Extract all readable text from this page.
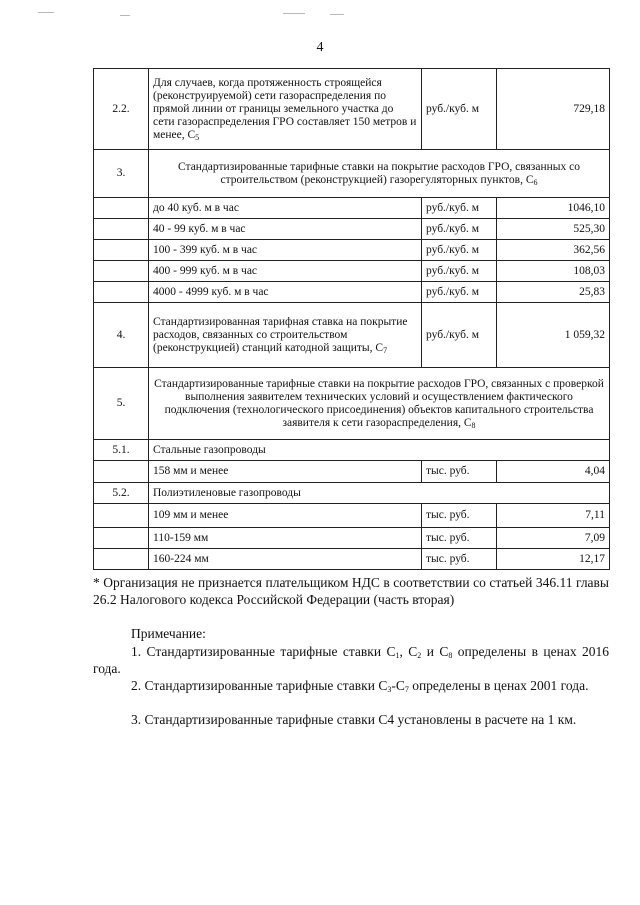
4
2.2.	Для случаев, когда протяженность строящейся (реконструируемой) сети газораспределения по прямой линии от границы земельного участка до сети газораспределения ГРО составляет 150 метров и менее, $C_5$	руб./куб. м	729,18
3.	Стандартизированные тарифные ставки на покрытие расходов ГРО, связанных со строительством (реконструкцией) газорегуляторных пунктов, $C_6$
	до 40 куб. м в час	руб./куб. м	1046,10
	40 - 99 куб. м в час	руб./куб. м	525,30
	100 - 399 куб. м в час	руб./куб. м	362,56
	400 - 999 куб. м в час	руб./куб. м	108,03
	4000 - 4999 куб. м в час	руб./куб. м	25,83
4.	Стандартизированная тарифная ставка на покрытие расходов, связанных со строительством (реконструкцией) станций катодной защиты, $C_7$	руб./куб. м	1 059,32
5.	Стандартизированные тарифные ставки на покрытие расходов ГРО, связанных с проверкой выполнения заявителем технических условий и осуществлением фактического подключения (технологического присоединения) объектов капитального строительства заявителя к сети газораспределения, $C_8$
5.1.	Стальные газопроводы		
	158 мм и менее	тыс. руб.	4,04
5.2.	Полиэтиленовые газопроводы		
	109 мм и менее	тыс. руб.	7,11
	110-159 мм	тыс. руб.	7,09
	160-224 мм	тыс. руб.	12,17
* Организация не признается плательщиком НДС в соответствии со статьей 346.11 главы 26.2 Налогового кодекса Российской Федерации (часть вторая)
Примечание:
1. Стандартизированные тарифные ставки $C_1$, $C_2$ и $C_8$ определены в ценах 2016 года.
2. Стандартизированные тарифные ставки $C_3-C_7$ определены в ценах 2001 года.
3. Стандартизированные тарифные ставки C4 установлены в расчете на 1 км.
